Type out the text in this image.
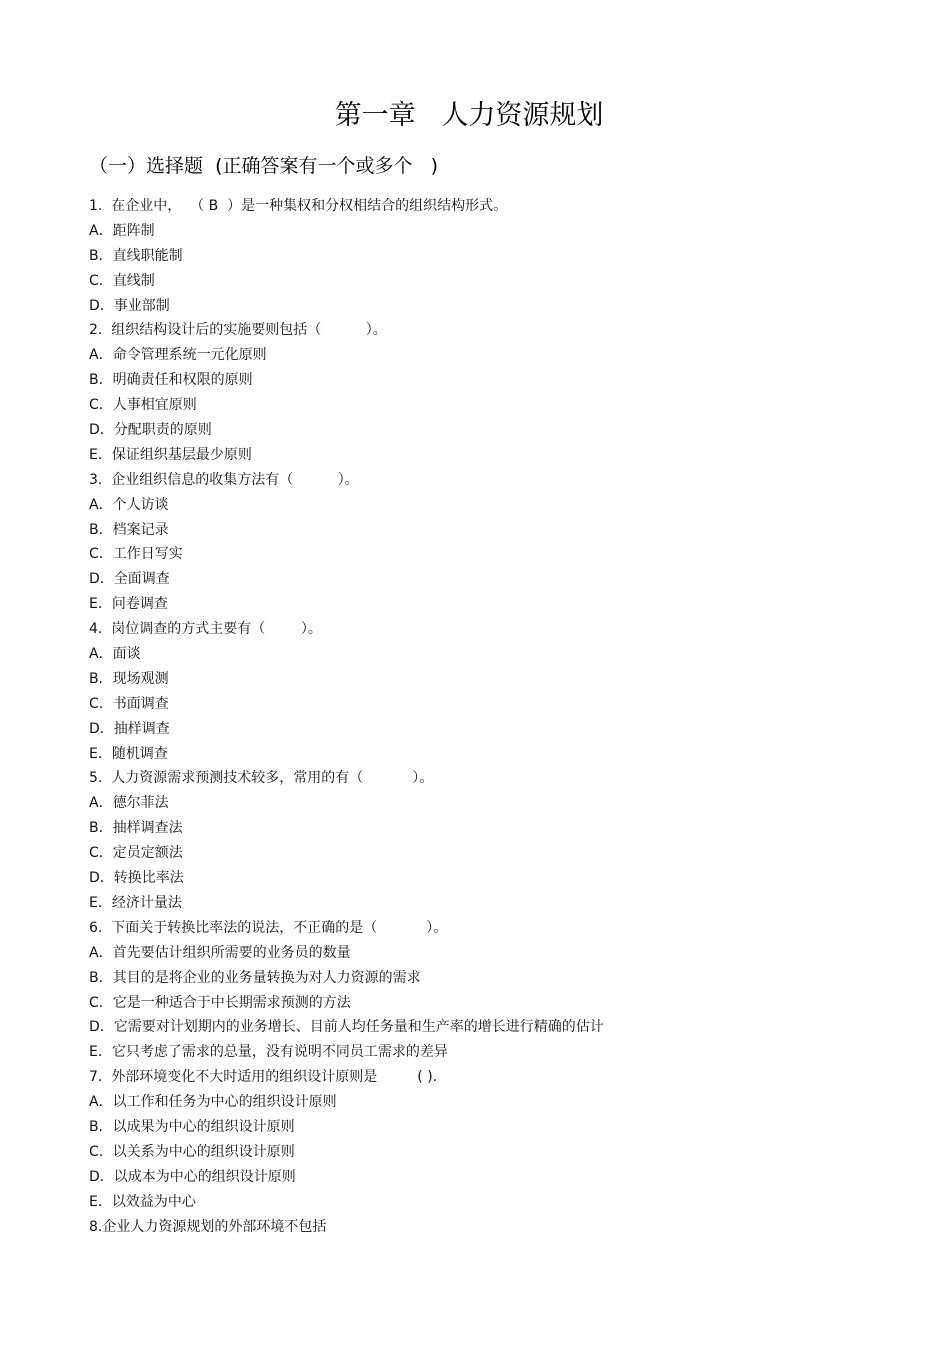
第一章   人力资源规划
（一）选择题  (正确答案有一个或多个   )
1.  在企业中，  （ B  ）是一种集权和分权相结合的组织结构形式。
A．距阵制
B．直线职能制
C．直线制
D．事业部制
2.  组织结构设计后的实施要则包括（          ）。
A．命令管理系统一元化原则
B．明确责任和权限的原则
C．人事相宜原则
D．分配职责的原则
E．保证组织基层最少原则
3.  企业组织信息的收集方法有（          ）。
A．个人访谈
B．档案记录
C．工作日写实
D．全面调查
E．问卷调查
4.  岗位调查的方式主要有（        ）。
A．面谈
B．现场观测
C．书面调查
D．抽样调查
E．随机调查
5.  人力资源需求预测技术较多，常用的有（           ）。
A．德尔菲法
B．抽样调查法
C．定员定额法
D．转换比率法
E．经济计量法
6.  下面关于转换比率法的说法，不正确的是（           ）。
A．首先要估计组织所需要的业务员的数量
B．其目的是将企业的业务量转换为对人力资源的需求
C．它是一种适合于中长期需求预测的方法
D．它需要对计划期内的业务增长、目前人均任务量和生产率的增长进行精确的估计
E．它只考虑了需求的总量，没有说明不同员工需求的差异
7.  外部环境变化不大时适用的组织设计原则是         ( ).
A．以工作和任务为中心的组织设计原则
B．以成果为中心的组织设计原则
C．以关系为中心的组织设计原则
D．以成本为中心的组织设计原则
E．以效益为中心
8.企业人力资源规划的外部环境不包括
